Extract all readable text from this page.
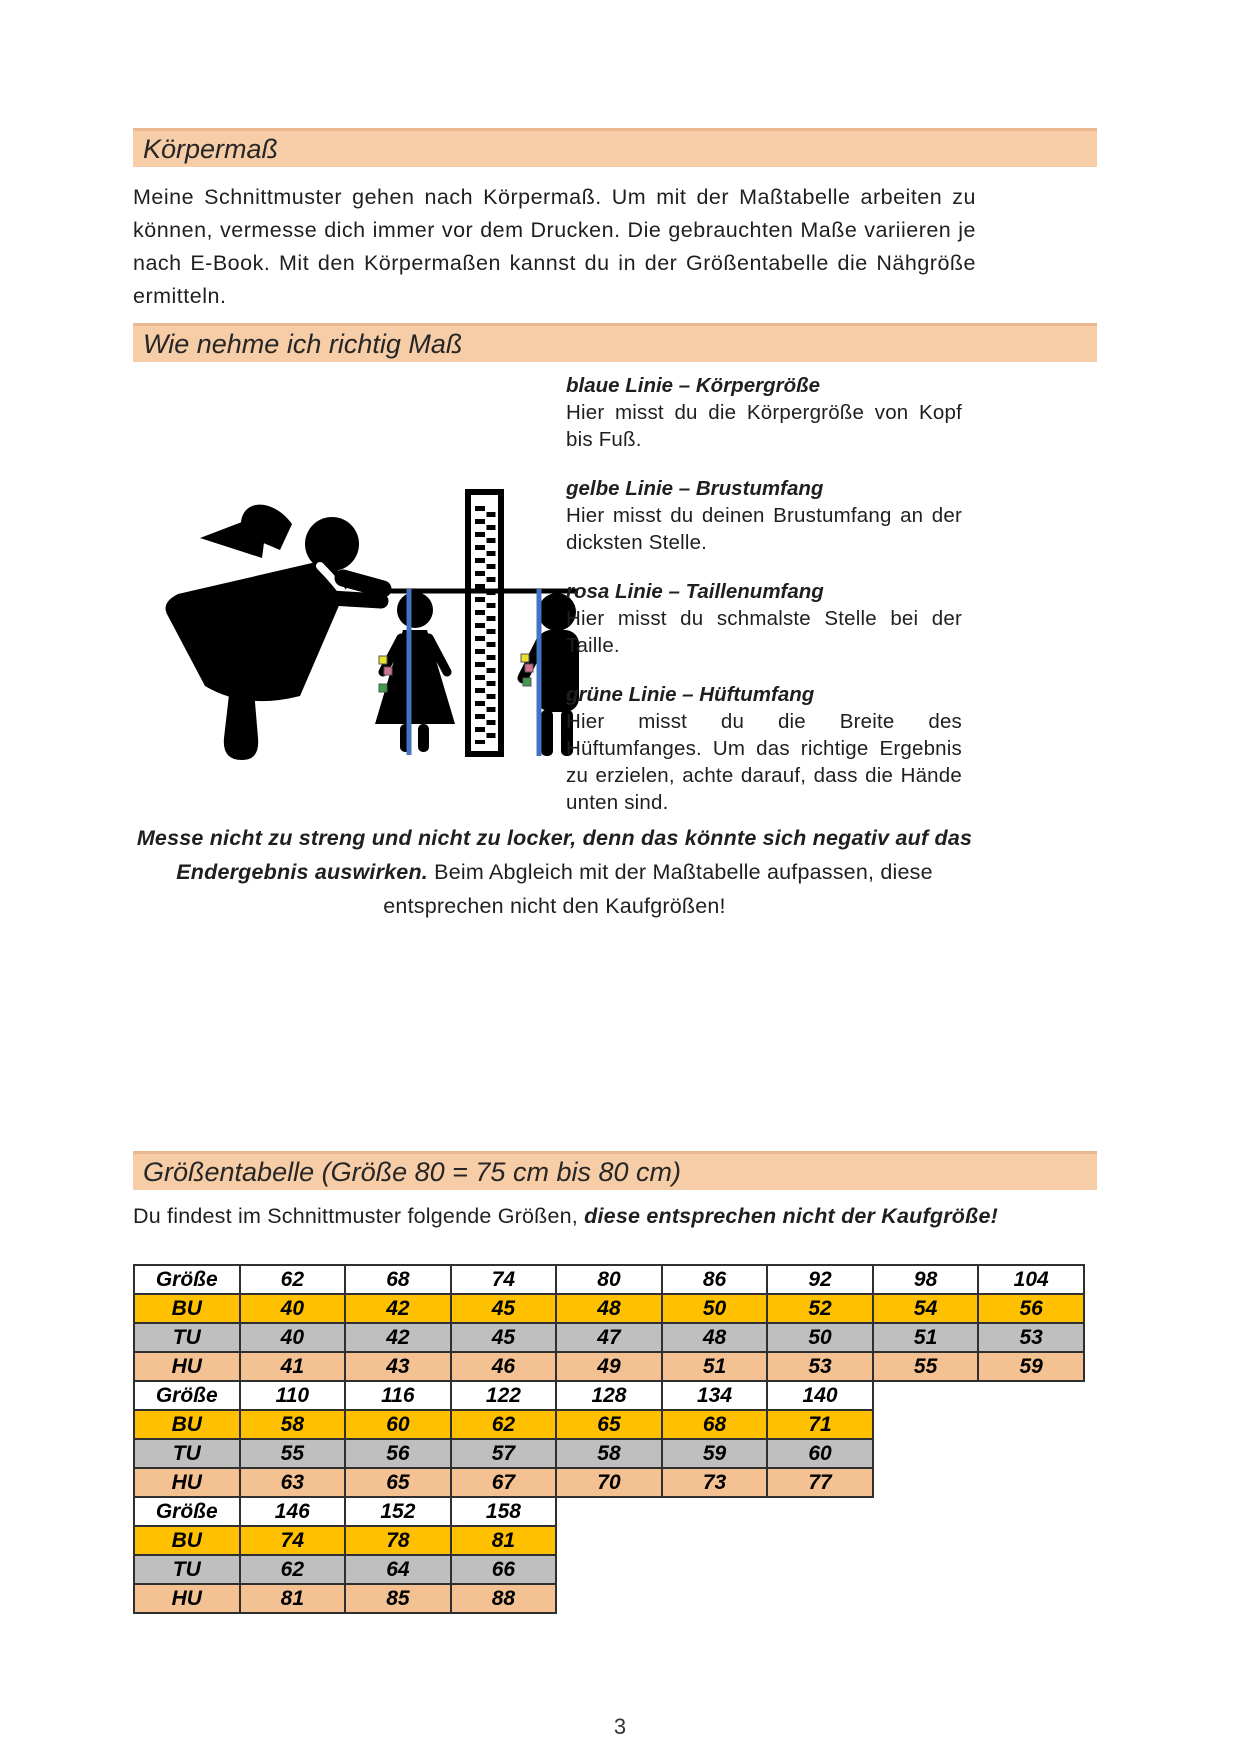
Körpermaß

Meine Schnittmuster gehen nach Körpermaß. Um mit der Maßtabelle arbeiten zu können, vermesse dich immer vor dem Drucken. Die gebrauchten Maße variieren je nach E-Book. Mit den Körpermaßen kannst du in der Größentabelle die Nähgröße ermitteln.

Wie nehme ich richtig Maß
blaue Linie – Körpergröße
Hier misst du die Körpergröße von Kopf bis Fuß.
gelbe Linie – Brustumfang
Hier misst du deinen Brustumfang an der dicksten Stelle.
rosa Linie – Taillenumfang
Hier misst du schmalste Stelle bei der Taille.
grüne Linie – Hüftumfang
Hier misst du die Breite des Hüftumfanges. Um das richtige Ergebnis zu erzielen, achte darauf, dass die Hände unten sind.
Messe nicht zu streng und nicht zu locker, denn das könnte sich negativ auf das Endergebnis auswirken. Beim Abgleich mit der Maßtabelle aufpassen, diese entsprechen nicht den Kaufgrößen!
Größentabelle (Größe 80 = 75 cm bis 80 cm)

Du findest im Schnittmuster folgende Größen, diese entsprechen nicht der Kaufgröße!

Größe	62	68	74	80	86	92	98	104
BU	40	42	45	48	50	52	54	56
TU	40	42	45	47	48	50	51	53
HU	41	43	46	49	51	53	55	59
Größe	110	116	122	128	134	140		
BU	58	60	62	65	68	71		
TU	55	56	57	58	59	60		
HU	63	65	67	70	73	77		
Größe	146	152	158					
BU	74	78	81					
TU	62	64	66					
HU	81	85	88					
3
